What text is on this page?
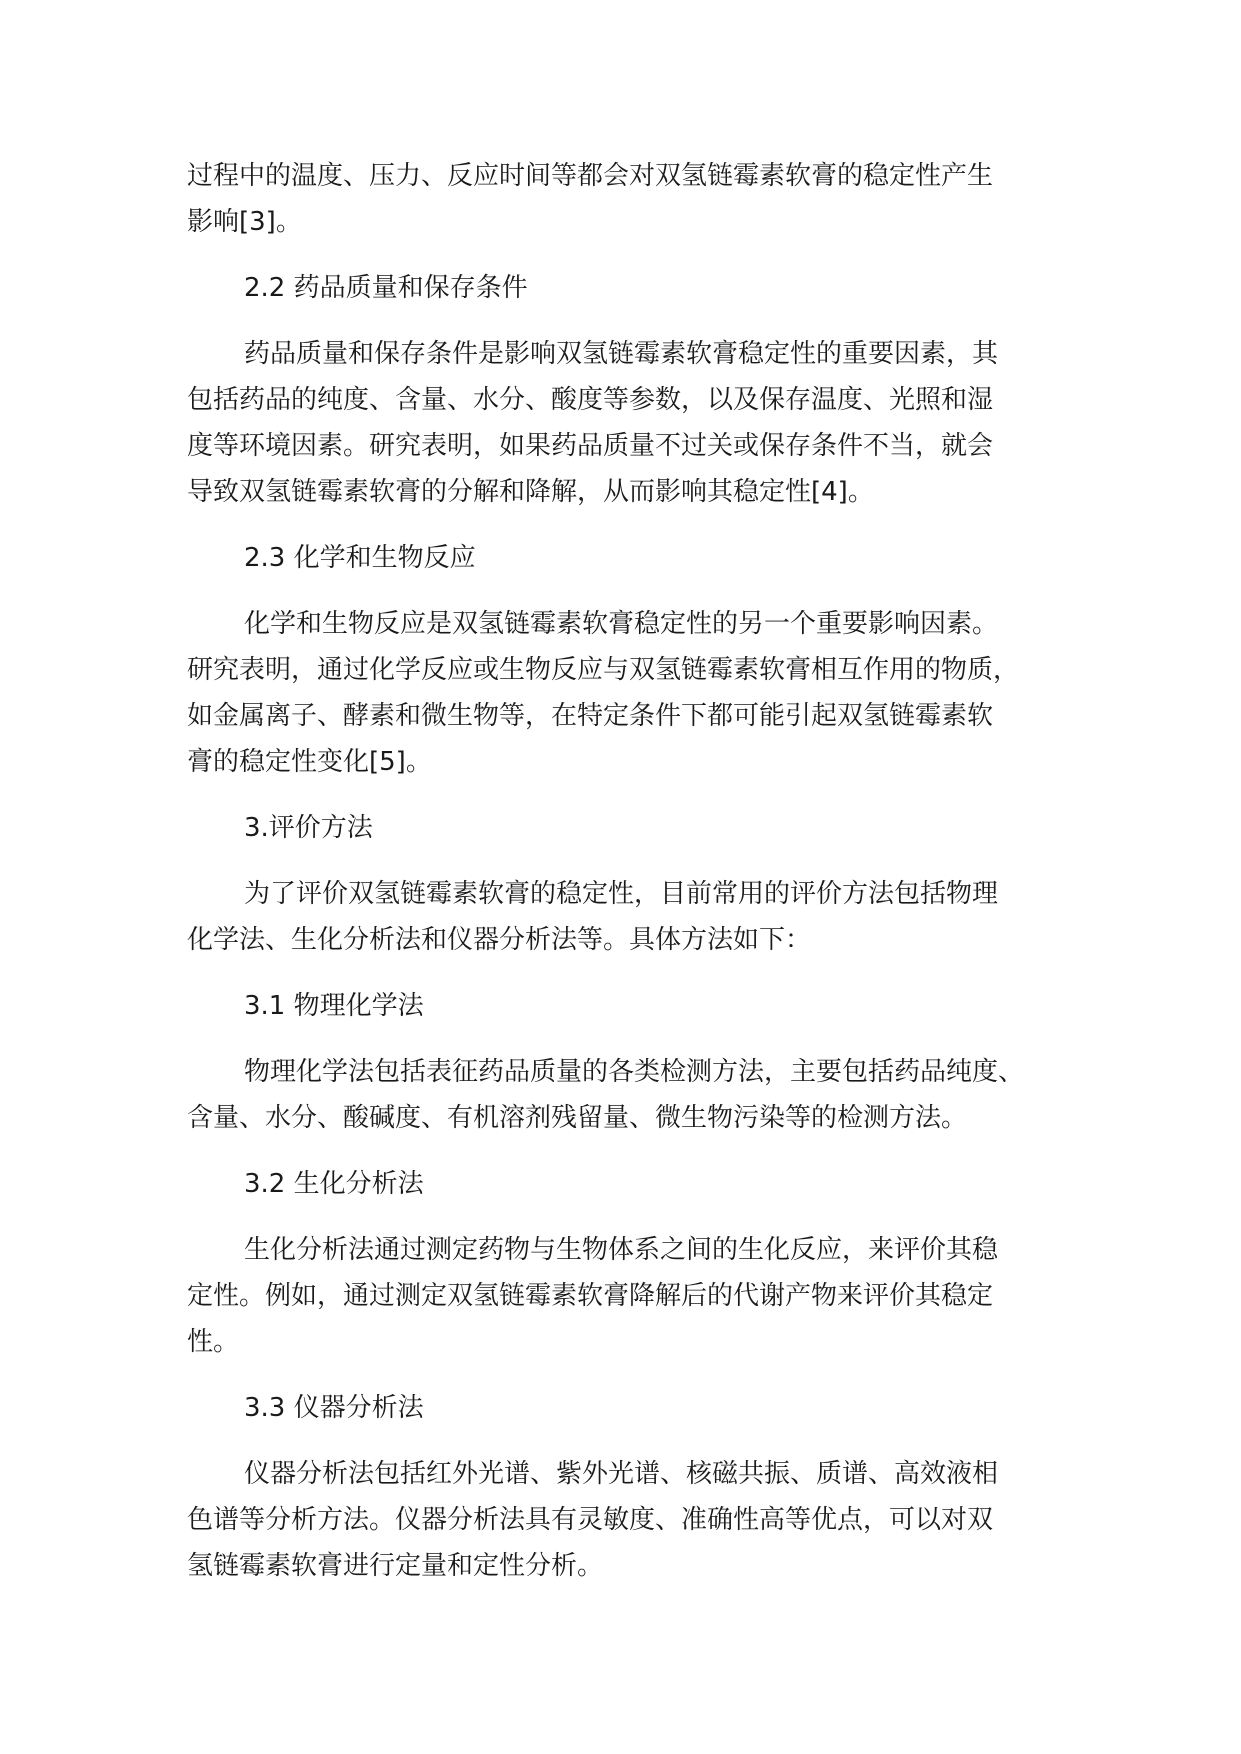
过程中的温度、压力、反应时间等都会对双氢链霉素软膏的稳定性产生
影响[3]。
2.2 药品质量和保存条件
药品质量和保存条件是影响双氢链霉素软膏稳定性的重要因素，其
包括药品的纯度、含量、水分、酸度等参数，以及保存温度、光照和湿
度等环境因素。研究表明，如果药品质量不过关或保存条件不当，就会
导致双氢链霉素软膏的分解和降解，从而影响其稳定性[4]。
2.3 化学和生物反应
化学和生物反应是双氢链霉素软膏稳定性的另一个重要影响因素。
研究表明，通过化学反应或生物反应与双氢链霉素软膏相互作用的物质，
如金属离子、酵素和微生物等，在特定条件下都可能引起双氢链霉素软
膏的稳定性变化[5]。
3.评价方法
为了评价双氢链霉素软膏的稳定性，目前常用的评价方法包括物理
化学法、生化分析法和仪器分析法等。具体方法如下：
3.1 物理化学法
物理化学法包括表征药品质量的各类检测方法，主要包括药品纯度、
含量、水分、酸碱度、有机溶剂残留量、微生物污染等的检测方法。
3.2 生化分析法
生化分析法通过测定药物与生物体系之间的生化反应，来评价其稳
定性。例如，通过测定双氢链霉素软膏降解后的代谢产物来评价其稳定
性。
3.3 仪器分析法
仪器分析法包括红外光谱、紫外光谱、核磁共振、质谱、高效液相
色谱等分析方法。仪器分析法具有灵敏度、准确性高等优点，可以对双
氢链霉素软膏进行定量和定性分析。
